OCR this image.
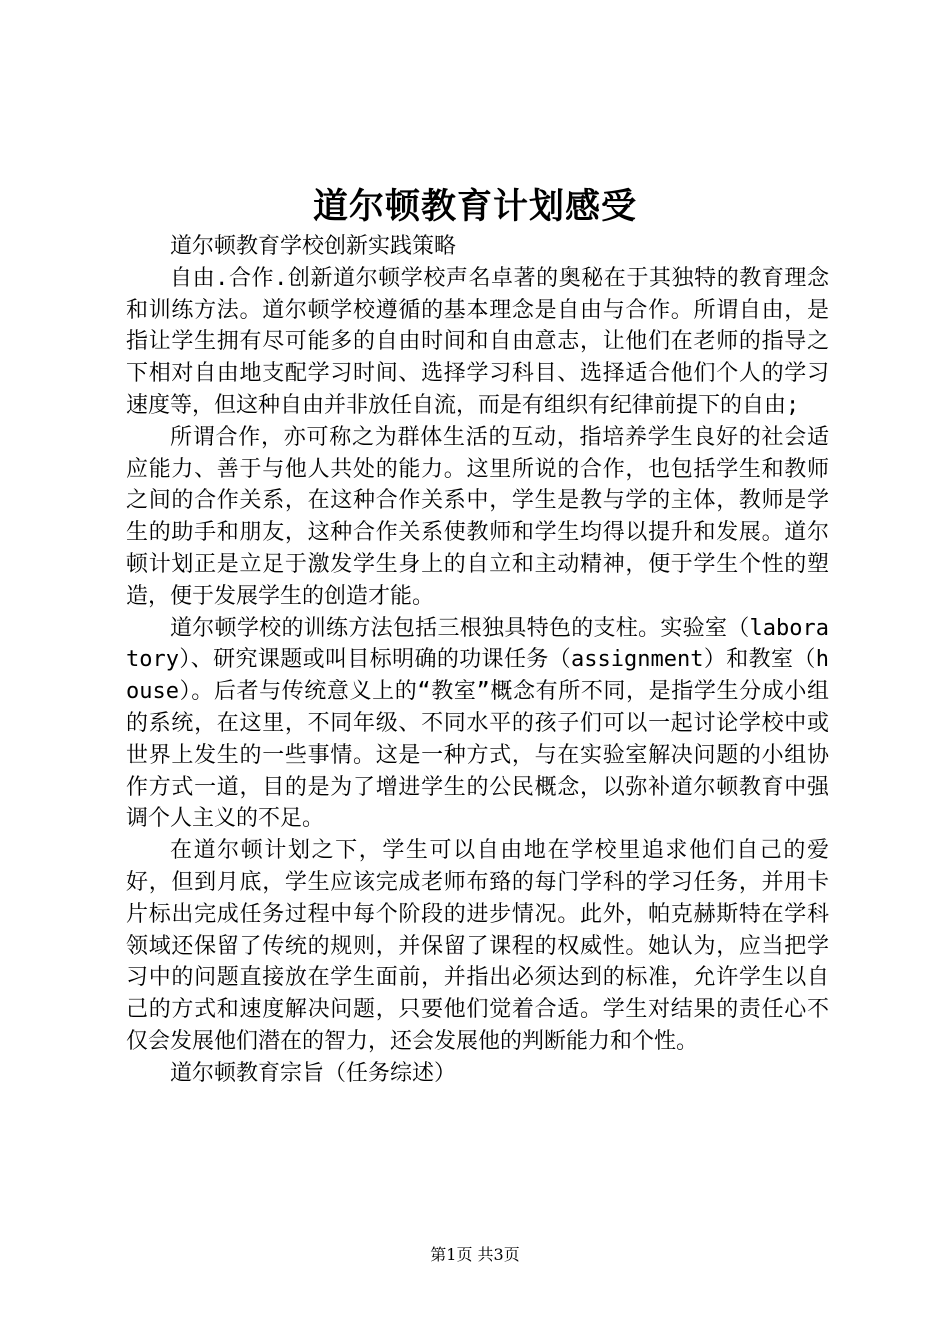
道尔顿教育计划感受

道尔顿教育学校创新实践策略

自由.合作.创新道尔顿学校声名卓著的奥秘在于其独特的教育理念和训练方法。道尔顿学校遵循的基本理念是自由与合作。所谓自由，是指让学生拥有尽可能多的自由时间和自由意志，让他们在老师的指导之下相对自由地支配学习时间、选择学习科目、选择适合他们个人的学习速度等，但这种自由并非放任自流，而是有组织有纪律前提下的自由;

所谓合作，亦可称之为群体生活的互动，指培养学生良好的社会适应能力、善于与他人共处的能力。这里所说的合作，也包括学生和教师之间的合作关系，在这种合作关系中，学生是教与学的主体，教师是学生的助手和朋友，这种合作关系使教师和学生均得以提升和发展。道尔顿计划正是立足于激发学生身上的自立和主动精神，便于学生个性的塑造，便于发展学生的创造才能。

道尔顿学校的训练方法包括三根独具特色的支柱。实验室（laboratory）、研究课题或叫目标明确的功课任务（assignment）和教室（house）。后者与传统意义上的“教室”概念有所不同，是指学生分成小组的系统，在这里，不同年级、不同水平的孩子们可以一起讨论学校中或世界上发生的一些事情。这是一种方式，与在实验室解决问题的小组协作方式一道，目的是为了增进学生的公民概念，以弥补道尔顿教育中强调个人主义的不足。

在道尔顿计划之下，学生可以自由地在学校里追求他们自己的爱好，但到月底，学生应该完成老师布臵的每门学科的学习任务，并用卡片标出完成任务过程中每个阶段的进步情况。此外，帕克赫斯特在学科领域还保留了传统的规则，并保留了课程的权威性。她认为，应当把学习中的问题直接放在学生面前，并指出必须达到的标准，允许学生以自己的方式和速度解决问题，只要他们觉着合适。学生对结果的责任心不仅会发展他们潜在的智力，还会发展他的判断能力和个性。

道尔顿教育宗旨（任务综述）

第1页 共3页
